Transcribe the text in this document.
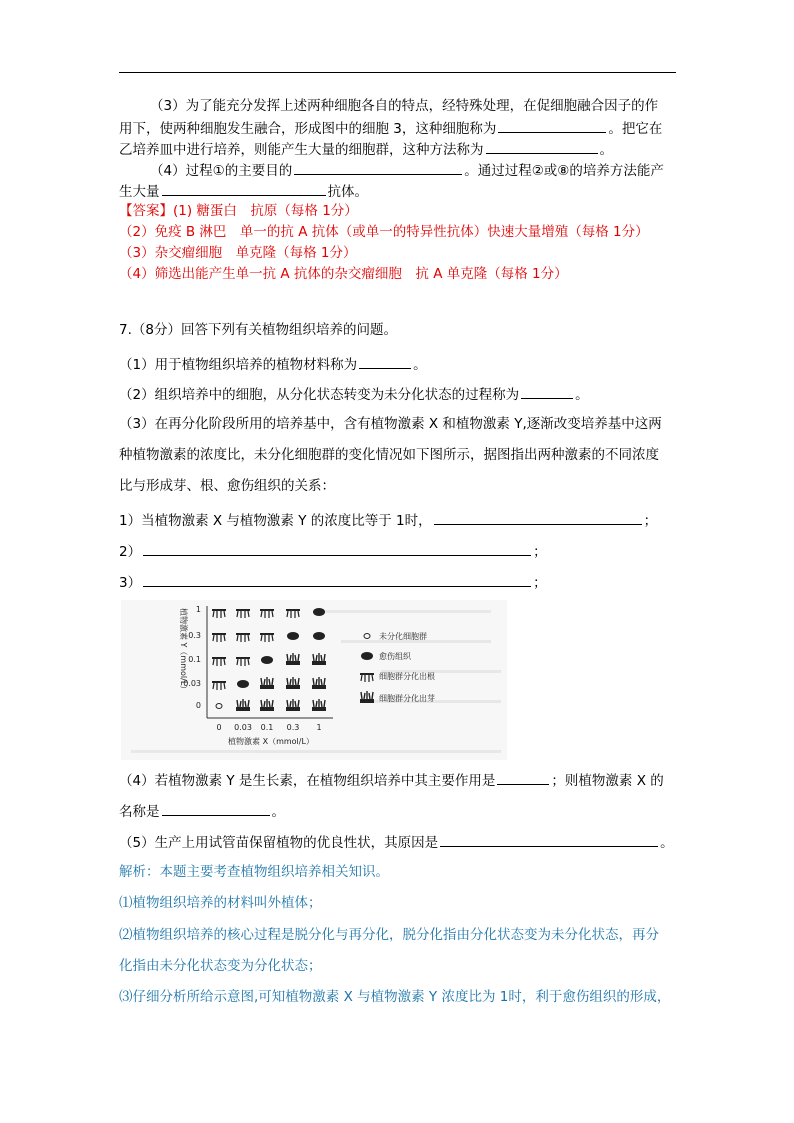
（3）为了能充分发挥上述两种细胞各自的特点，经特殊处理，在促细胞融合因子的作
用下，使两种细胞发生融合，形成图中的细胞 3，这种细胞称为	。把它在
乙培养皿中进行培养，则能产生大量的细胞群，这种方法称为	。
（4）过程①的主要目的	。通过过程②或⑧的培养方法能产
生大量	抗体。
【答案】(1) 糖蛋白　抗原（每格 1分）
（2）免疫 B 淋巴　单一的抗 A 抗体（或单一的特异性抗体）快速大量增殖（每格 1分）
（3）杂交瘤细胞　单克隆（每格 1分）
（4）筛选出能产生单一抗 A 抗体的杂交瘤细胞　抗 A 单克隆（每格 1分）
7.（8分）回答下列有关植物组织培养的问题。
（1）用于植物组织培养的植物材料称为	。
（2）组织培养中的细胞，从分化状态转变为未分化状态的过程称为	。
（3）在再分化阶段所用的培养基中，含有植物激素 X 和植物激素 Y,逐渐改变培养基中这两
种植物激素的浓度比，未分化细胞群的变化情况如下图所示，据图指出两种激素的不同浓度
比与形成芽、根、愈伤组织的关系：
1）当植物激素 X 与植物激素 Y 的浓度比等于 1时，	；
2）	；
3）	；
植物激素 Y（mmol/L） 1
0.3
0.1
0.03
0
0 0.03 0.1 0.3 1
植物激素 X（mmol/L）
未分化细胞群
愈伤组织
细胞群分化出根
细胞群分化出芽
（4）若植物激素 Y 是生长素，在植物组织培养中其主要作用是	；则植物激素 X 的
名称是	。
（5）生产上用试管苗保留植物的优良性状，其原因是	。
解析：本题主要考查植物组织培养相关知识。
⑴植物组织培养的材料叫外植体；
⑵植物组织培养的核心过程是脱分化与再分化，脱分化指由分化状态变为未分化状态，再分
化指由未分化状态变为分化状态；
⑶仔细分析所给示意图,可知植物激素 X 与植物激素 Y 浓度比为 1时，利于愈伤组织的形成，
